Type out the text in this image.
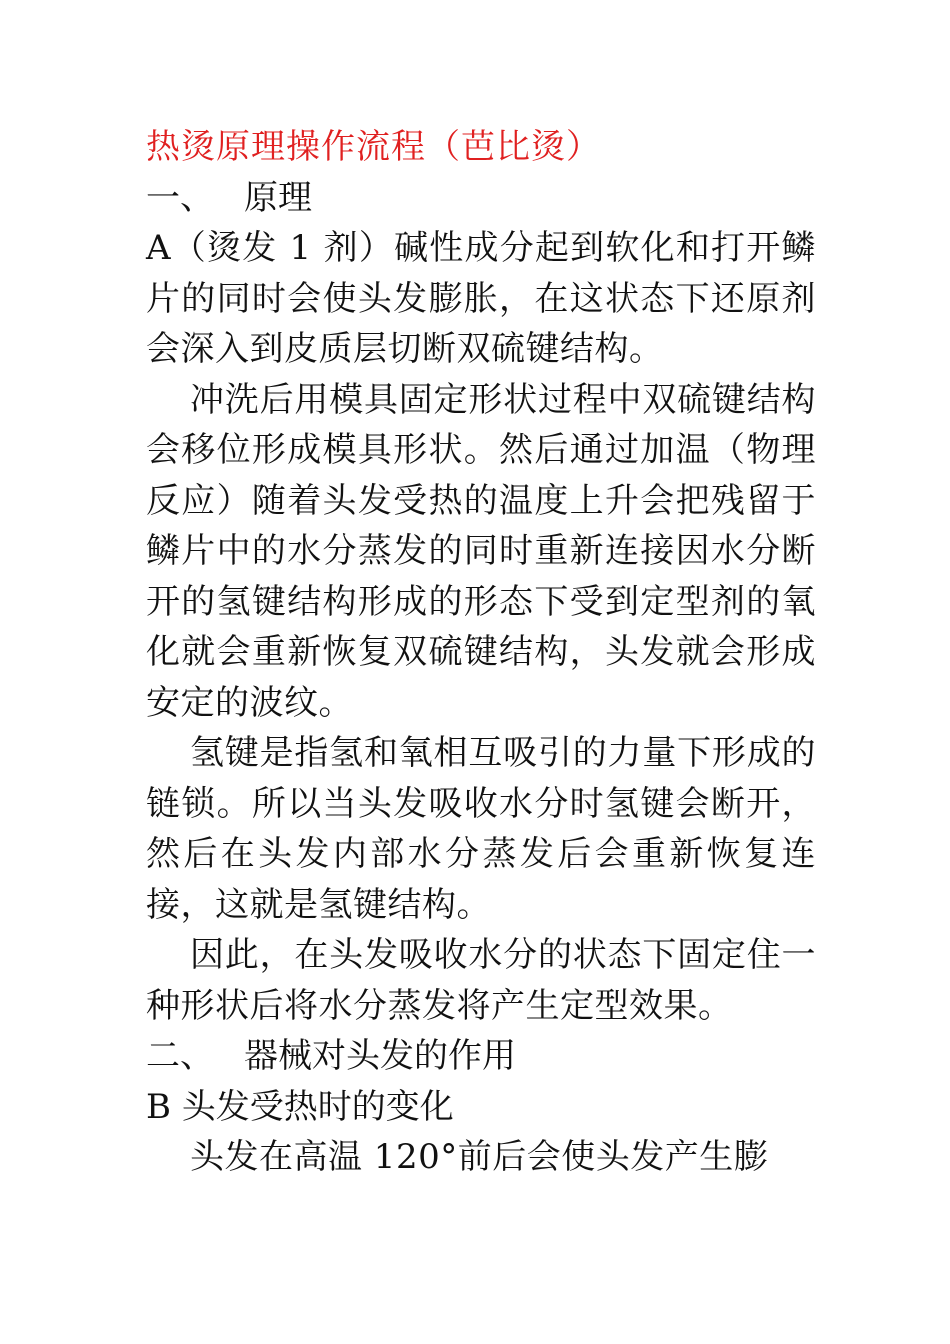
热烫原理操作流程（芭比烫）

一、 原理

A（烫发 1 剂）碱性成分起到软化和打开鳞片的同时会使头发膨胀，在这状态下还原剂会深入到皮质层切断双硫键结构。

冲洗后用模具固定形状过程中双硫键结构会移位形成模具形状。然后通过加温（物理反应）随着头发受热的温度上升会把残留于鳞片中的水分蒸发的同时重新连接因水分断开的氢键结构形成的形态下受到定型剂的氧化就会重新恢复双硫键结构，头发就会形成安定的波纹。

氢键是指氢和氧相互吸引的力量下形成的链锁。所以当头发吸收水分时氢键会断开，然后在头发内部水分蒸发后会重新恢复连接，这就是氢键结构。

因此，在头发吸收水分的状态下固定住一种形状后将水分蒸发将产生定型效果。

二、 器械对头发的作用

B 头发受热时的变化

头发在高温 120°前后会使头发产生膨
